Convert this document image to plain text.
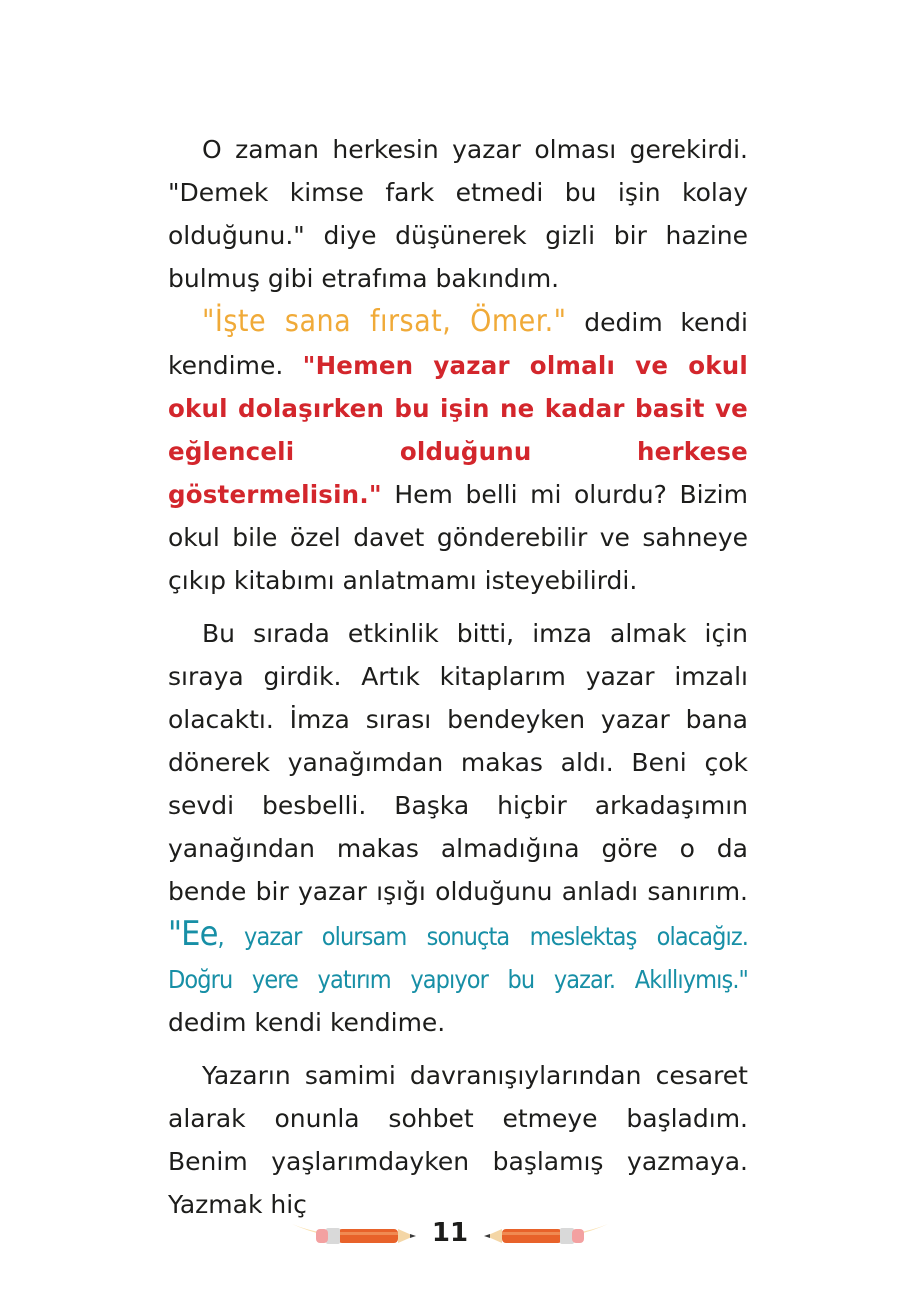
O zaman herkesin yazar olması gerekirdi. "Demek kimse fark etmedi bu işin kolay olduğunu." diye düşünerek gizli bir hazine bulmuş gibi etrafıma bakındım.

"İşte sana fırsat, Ömer." dedim kendi kendime. "Hemen yazar olmalı ve okul okul dolaşırken bu işin ne kadar basit ve eğlenceli olduğunu herkese göstermelisin." Hem belli mi olurdu? Bizim okul bile özel davet gönderebilir ve sahneye çıkıp kitabımı anlatmamı isteyebilirdi.

Bu sırada etkinlik bitti, imza almak için sıraya girdik. Artık kitaplarım yazar imzalı olacaktı. İmza sırası bendeyken yazar bana dönerek yanağımdan makas aldı. Beni çok sevdi besbelli. Başka hiçbir arkadaşımın yanağından makas almadığına göre o da bende bir yazar ışığı olduğunu anladı sanırım. "Ee, yazar olursam sonuçta meslektaş olacağız. Doğru yere yatırım yapıyor bu yazar. Akıllıymış." dedim kendi kendime.

Yazarın samimi davranışıylarından cesaret alarak onunla sohbet etmeye başladım. Benim yaşlarımdayken başlamış yazmaya. Yazmak hiç

11
